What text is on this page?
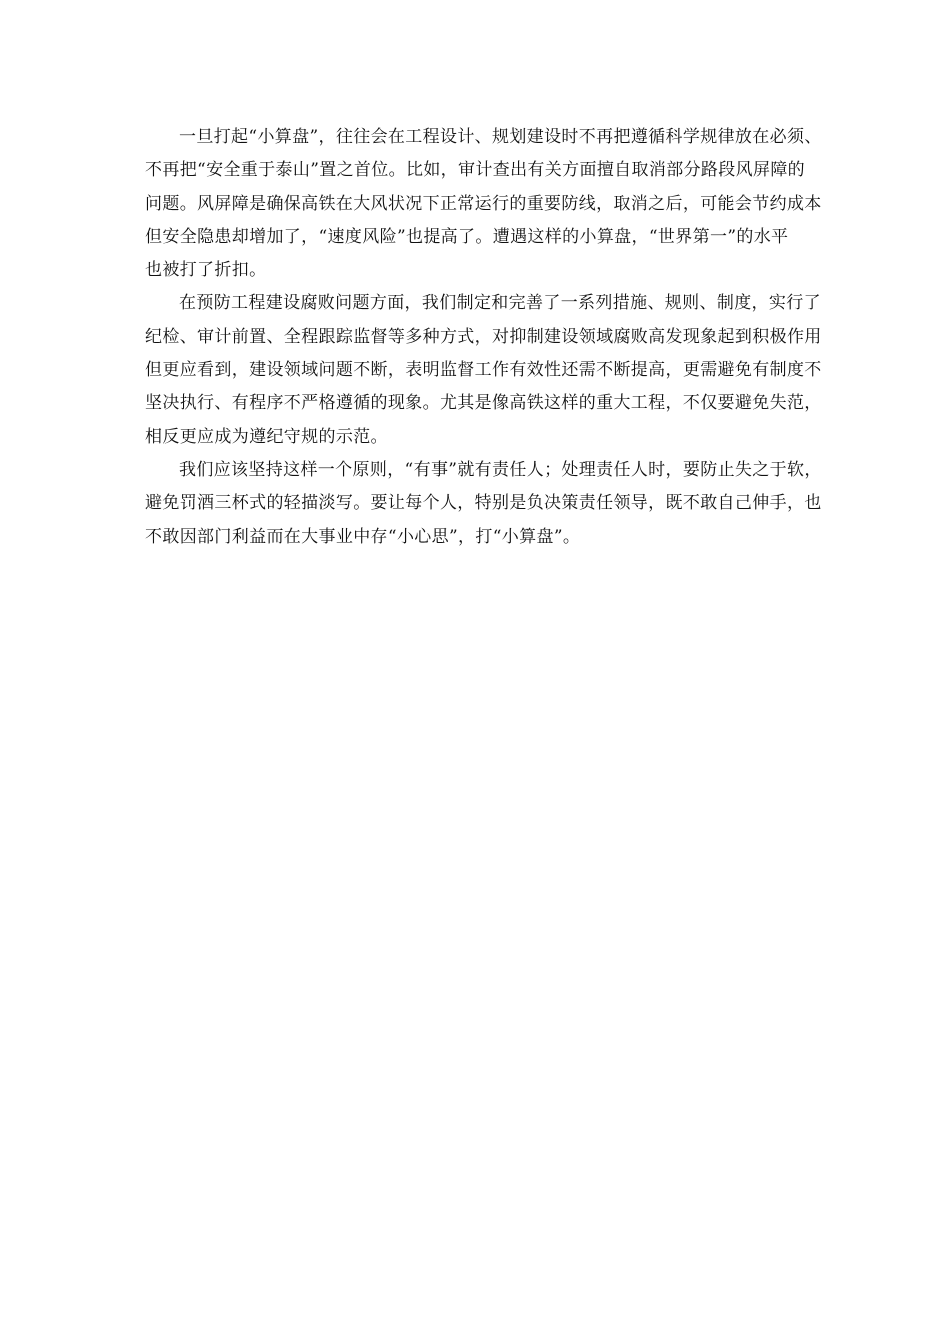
一旦打起“小算盘”，往往会在工程设计、规划建设时不再把遵循科学规律放在必须、
不再把“安全重于泰山”置之首位。比如，审计查出有关方面擅自取消部分路段风屏障的
问题。风屏障是确保高铁在大风状况下正常运行的重要防线，取消之后，可能会节约成本
但安全隐患却增加了，“速度风险”也提高了。遭遇这样的小算盘，“世界第一”的水平
也被打了折扣。
在预防工程建设腐败问题方面，我们制定和完善了一系列措施、规则、制度，实行了
纪检、审计前置、全程跟踪监督等多种方式，对抑制建设领域腐败高发现象起到积极作用
但更应看到，建设领域问题不断，表明监督工作有效性还需不断提高，更需避免有制度不
坚决执行、有程序不严格遵循的现象。尤其是像高铁这样的重大工程，不仅要避免失范，
相反更应成为遵纪守规的示范。
我们应该坚持这样一个原则，“有事”就有责任人；处理责任人时，要防止失之于软，
避免罚酒三杯式的轻描淡写。要让每个人，特别是负决策责任领导，既不敢自己伸手，也
不敢因部门利益而在大事业中存“小心思”，打“小算盘”。
